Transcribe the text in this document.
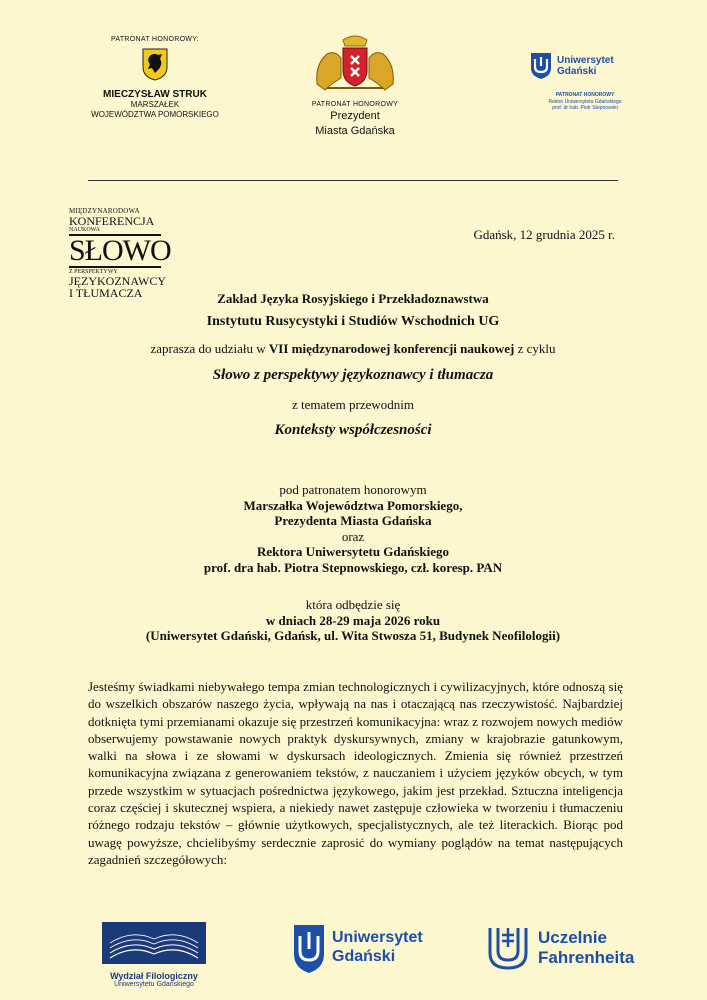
PATRONAT HONOROWY:
MIECZYSŁAW STRUK
MARSZAŁEK
WOJEWÓDZTWA POMORSKIEGO
PATRONAT HONOROWY
Prezydent
Miasta Gdańska
Uniwersytet
Gdański
PATRONAT HONOROWY
Rektor Uniwersytetu Gdańskiego
prof. dr hab. Piotr Stepnowski
MIĘDZYNARODOWA
KONFERENCJA
NAUKOWA
SŁOWO
Z PERSPEKTYWY
JĘZYKOZNAWCY
I TŁUMACZA
Gdańsk, 12 grudnia 2025 r.
Zakład Języka Rosyjskiego i Przekładoznawstwa
Instytutu Rusycystyki i Studiów Wschodnich UG
zaprasza do udziału w VII międzynarodowej konferencji naukowej z cyklu
Słowo z perspektywy językoznawcy i tłumacza
z tematem przewodnim
Konteksty współczesności
pod patronatem honorowym
Marszałka Województwa Pomorskiego,
Prezydenta Miasta Gdańska
oraz
Rektora Uniwersytetu Gdańskiego
prof. dra hab. Piotra Stepnowskiego, czł. koresp. PAN
która odbędzie się
w dniach 28-29 maja 2026 roku
(Uniwersytet Gdański, Gdańsk, ul. Wita Stwosza 51, Budynek Neofilologii)
Jesteśmy świadkami niebywałego tempa zmian technologicznych i cywilizacyjnych, które odnoszą się do wszelkich obszarów naszego życia, wpływają na nas i otaczającą nas rzeczywistość. Najbardziej dotknięta tymi przemianami okazuje się przestrzeń komunikacyjna: wraz z rozwojem nowych mediów obserwujemy powstawanie nowych praktyk dyskursywnych, zmiany w krajobrazie gatunkowym, walki na słowa i ze słowami w dyskursach ideologicznych. Zmienia się również przestrzeń komunikacyjna związana z generowaniem tekstów, z nauczaniem i użyciem języków obcych, w tym przede wszystkim w sytuacjach pośrednictwa językowego, jakim jest przekład. Sztuczna inteligencja coraz częściej i skutecznej wspiera, a niekiedy nawet zastępuje człowieka w tworzeniu i tłumaczeniu różnego rodzaju tekstów – głównie użytkowych, specjalistycznych, ale też literackich. Biorąc pod uwagę powyższe, chcielibyśmy serdecznie zaprosić do wymiany poglądów na temat następujących zagadnień szczegółowych:
Wydział Filologiczny
Uniwersytetu Gdańskiego
Uniwersytet
Gdański
Uczelnie
Fahrenheita
